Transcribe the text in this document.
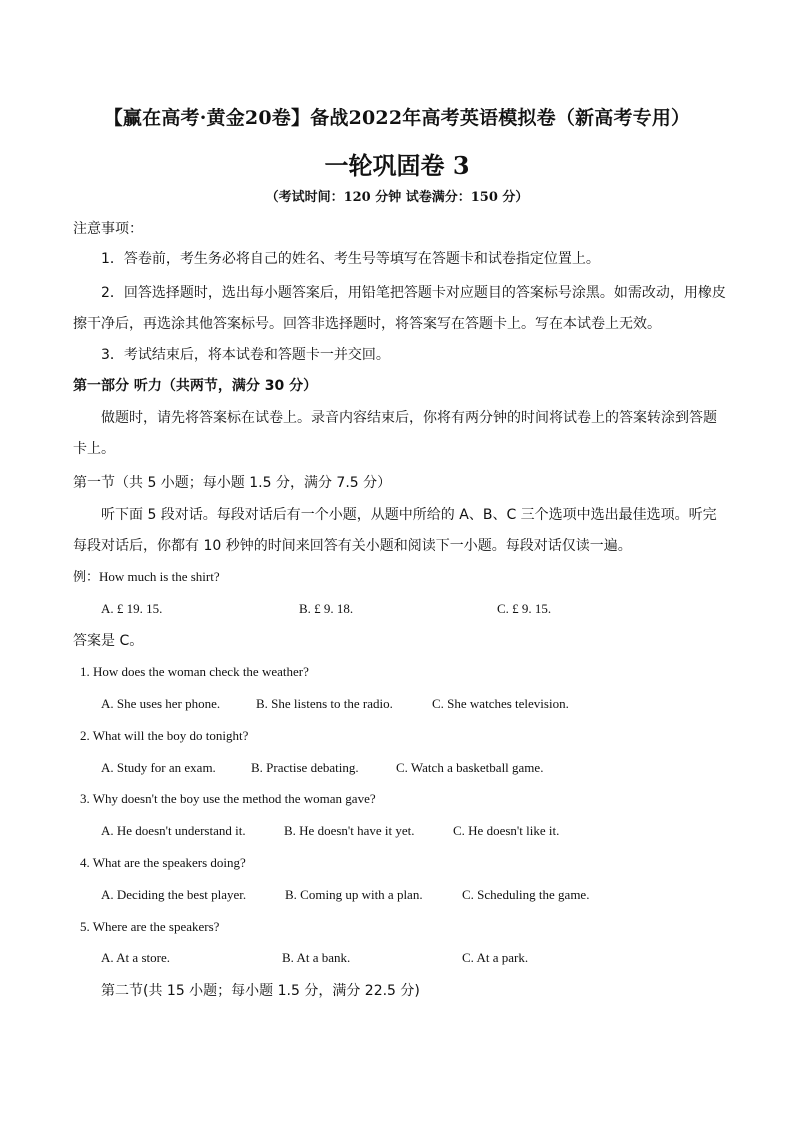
【赢在高考·黄金20卷】备战2022年高考英语模拟卷（新高考专用）
一轮巩固卷 3
（考试时间：120 分钟 试卷满分：150 分）
注意事项：
1．答卷前，考生务必将自己的姓名、考生号等填写在答题卡和试卷指定位置上。
2．回答选择题时，选出每小题答案后，用铅笔把答题卡对应题目的答案标号涂黑。如需改动，用橡皮
擦干净后，再选涂其他答案标号。回答非选择题时，将答案写在答题卡上。写在本试卷上无效。
3．考试结束后，将本试卷和答题卡一并交回。
第一部分 听力（共两节，满分 30 分）
做题时，请先将答案标在试卷上。录音内容结束后，你将有两分钟的时间将试卷上的答案转涂到答题
卡上。
第一节（共 5 小题；每小题 1.5 分，满分 7.5 分）
听下面 5 段对话。每段对话后有一个小题，从题中所给的 A、B、C 三个选项中选出最佳选项。听完
每段对话后，你都有 10 秒钟的时间来回答有关小题和阅读下一小题。每段对话仅读一遍。
例：How much is the shirt?
A. £ 19. 15.	B. £ 9. 18.	C. £ 9. 15.
答案是 C。
1. How does the woman check the weather?
A. She uses her phone.	B. She listens to the radio.	C. She watches television.
2. What will the boy do tonight?
A. Study for an exam.	B. Practise debating.	C. Watch a basketball game.
3. Why doesn't the boy use the method the woman gave?
A. He doesn't understand it.	B. He doesn't have it yet.	C. He doesn't like it.
4. What are the speakers doing?
A. Deciding the best player.	B. Coming up with a plan.	C. Scheduling the game.
5. Where are the speakers?
A. At a store.	B. At a bank.	C. At a park.
第二节(共 15 小题；每小题 1.5 分，满分 22.5 分)
